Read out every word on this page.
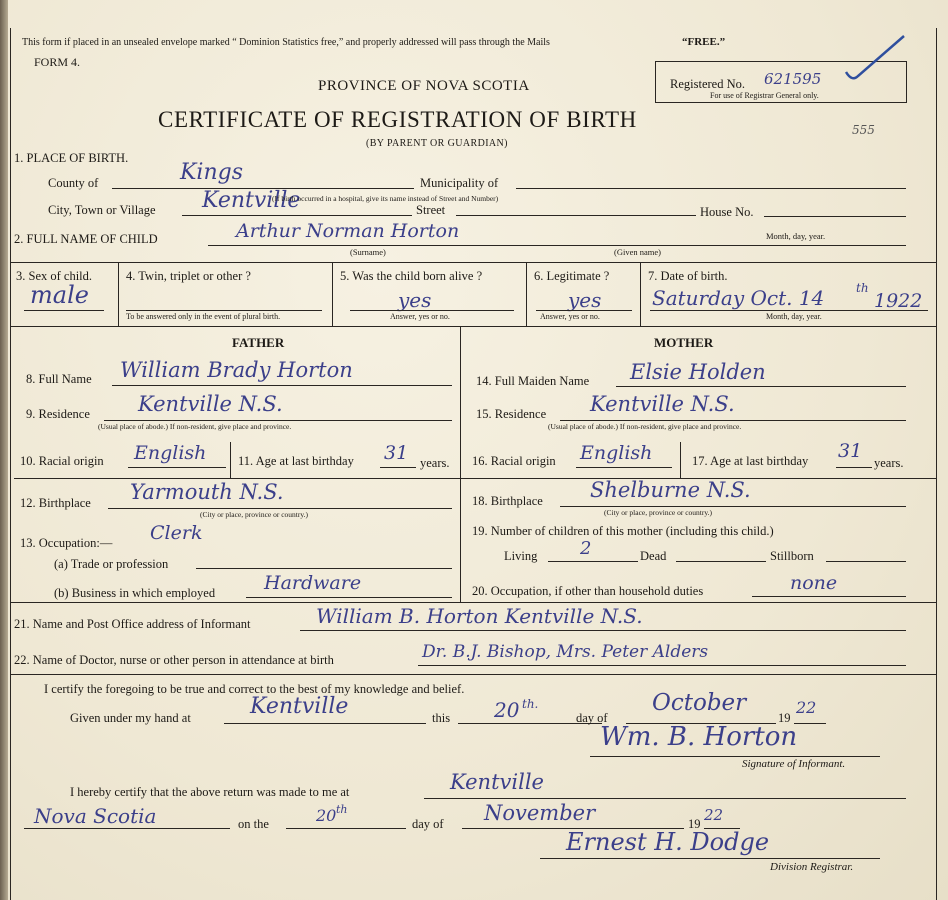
This form if placed in an unsealed envelope marked “ Dominion Statistics free,” and properly addressed will pass through the Mails	“FREE.”
FORM 4.
PROVINCE OF NOVA SCOTIA
CERTIFICATE OF REGISTRATION OF BIRTH
(BY PARENT OR GUARDIAN)
Registered No. 621595
For use of Registrar General only.
555
1. PLACE OF BIRTH.
County of	Kings	Municipality of
City, Town or Village Kentville
(If birth occurred in a hospital, give its name instead of Street and Number)
Street	House No.
2. FULL NAME OF CHILD	Arthur Norman Horton
(Surname)	(Given name)
Month, day, year.
3. Sex of child.
male
4. Twin, triplet or other ?
To be answered only in the event of plural birth.
5. Was the child born alive ?
yes
Answer, yes or no.
6. Legitimate ?
yes
Answer, yes or no.
7. Date of birth.
Saturday Oct. 14	th
1922
Month, day, year.
FATHER	MOTHER
8. Full Name William Brady Horton
9. Residence Kentville N.S.
(Usual place of abode.) If non-resident, give place and province.
10. Racial origin English	11. Age at last birthday 31 years.
12. Birthplace Yarmouth N.S.
(City or place, province or country.)
13. Occupation:— Clerk
(a) Trade or profession
(b) Business in which employed	Hardware
14. Full Maiden Name Elsie Holden
15. Residence Kentville N.S.
(Usual place of abode.) If non-resident, give place and province.
16. Racial origin English	17. Age at last birthday 31
years.
18. Birthplace Shelburne N.S.
(City or place, province or country.)
19. Number of children of this mother (including this child.)
Living 2	Dead	Stillborn
20. Occupation, if other than household duties	none
21. Name and Post Office address of Informant	William B. Horton Kentville N.S.
22. Name of Doctor, nurse or other person in attendance at birth	Dr. B.J. Bishop, Mrs. Peter Alders
I certify the foregoing to be true and correct to the best of my knowledge and belief.
Given under my hand at	Kentville	this 20 th.
day of
October
19
22
Wm. B. Horton
Signature of Informant.
I hereby certify that the above return was made to me at	Kentville
Nova Scotia	on the	20 th
day of November	19 22
Ernest H. Dodge
Division Registrar.
